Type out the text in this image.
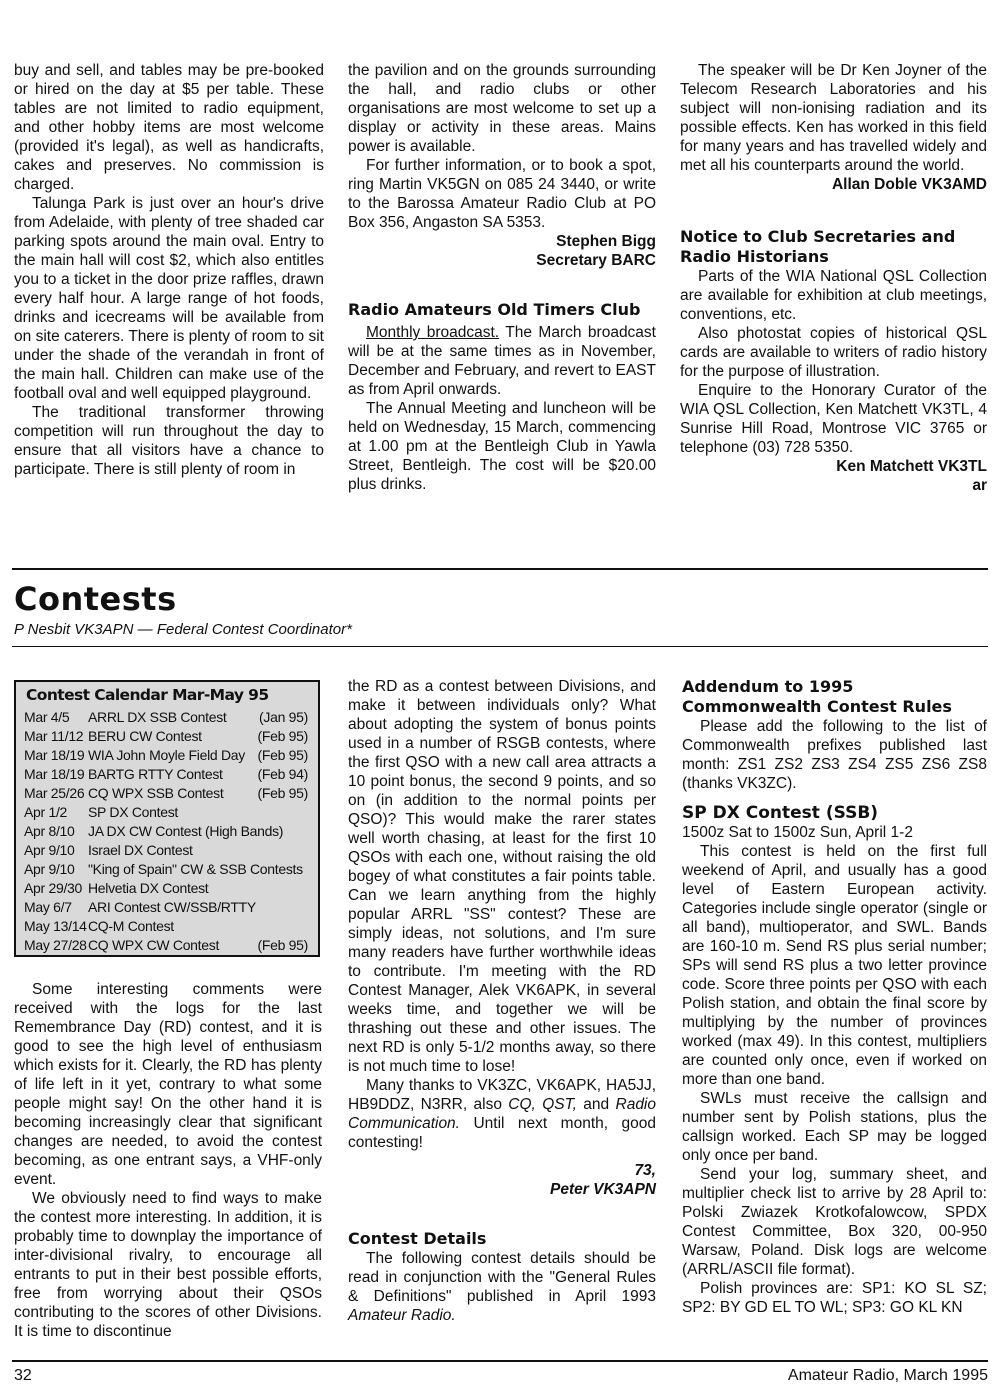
buy and sell, and tables may be pre-booked or hired on the day at $5 per table. These tables are not limited to radio equipment, and other hobby items are most welcome (provided it's legal), as well as handicrafts, cakes and preserves. No commission is charged.

Talunga Park is just over an hour's drive from Adelaide, with plenty of tree shaded car parking spots around the main oval. Entry to the main hall will cost $2, which also entitles you to a ticket in the door prize raffles, drawn every half hour. A large range of hot foods, drinks and icecreams will be available from on site caterers. There is plenty of room to sit under the shade of the verandah in front of the main hall. Children can make use of the football oval and well equipped playground.

The traditional transformer throwing competition will run throughout the day to ensure that all visitors have a chance to participate. There is still plenty of room in

the pavilion and on the grounds surrounding the hall, and radio clubs or other organisations are most welcome to set up a display or activity in these areas. Mains power is available.

For further information, or to book a spot, ring Martin VK5GN on 085 24 3440, or write to the Barossa Amateur Radio Club at PO Box 356, Angaston SA 5353.

Stephen Bigg
Secretary BARC
Radio Amateurs Old Timers Club

Monthly broadcast. The March broadcast will be at the same times as in November, December and February, and revert to EAST as from April onwards.

The Annual Meeting and luncheon will be held on Wednesday, 15 March, commencing at 1.00 pm at the Bentleigh Club in Yawla Street, Bentleigh. The cost will be $20.00 plus drinks.

The speaker will be Dr Ken Joyner of the Telecom Research Laboratories and his subject will non-ionising radiation and its possible effects. Ken has worked in this field for many years and has travelled widely and met all his counterparts around the world.

Allan Doble VK3AMD
Notice to Club Secretaries and Radio Historians

Parts of the WIA National QSL Collection are available for exhibition at club meetings, conventions, etc.

Also photostat copies of historical QSL cards are available to writers of radio history for the purpose of illustration.

Enquire to the Honorary Curator of the WIA QSL Collection, Ken Matchett VK3TL, 4 Sunrise Hill Road, Montrose VIC 3765 or telephone (03) 728 5350.

Ken Matchett VK3TL
ar
Contests
P Nesbit VK3APN — Federal Contest Coordinator*
Contest Calendar Mar-May 95
Mar 4/5 ARRL DX SSB Contest (Jan 95)
Mar 11/12 BERU CW Contest	(Feb 95)
Mar 18/19 WIA John Moyle Field Day (Feb 95)
Mar 18/19 BARTG RTTY Contest (Feb 94)
Mar 25/26 CQ WPX SSB Contest (Feb 95)
Apr 1/2 SP DX Contest
Apr 8/10 JA DX CW Contest (High Bands)
Apr 9/10 Israel DX Contest
Apr 9/10 "King of Spain" CW & SSB Contests
Apr 29/30 Helvetia DX Contest
May 6/7 ARI Contest CW/SSB/RTTY
May 13/14 CQ-M Contest
May 27/28 CQ WPX CW Contest	(Feb 95)

Some interesting comments were received with the logs for the last Remembrance Day (RD) contest, and it is good to see the high level of enthusiasm which exists for it. Clearly, the RD has plenty of life left in it yet, contrary to what some people might say! On the other hand it is becoming increasingly clear that significant changes are needed, to avoid the contest becoming, as one entrant says, a VHF-only event.

We obviously need to find ways to make the contest more interesting. In addition, it is probably time to downplay the importance of inter-divisional rivalry, to encourage all entrants to put in their best possible efforts, free from worrying about their QSOs contributing to the scores of other Divisions. It is time to discontinue

the RD as a contest between Divisions, and make it between individuals only? What about adopting the system of bonus points used in a number of RSGB contests, where the first QSO with a new call area attracts a 10 point bonus, the second 9 points, and so on (in addition to the normal points per QSO)? This would make the rarer states well worth chasing, at least for the first 10 QSOs with each one, without raising the old bogey of what constitutes a fair points table. Can we learn anything from the highly popular ARRL "SS" contest? These are simply ideas, not solutions, and I'm sure many readers have further worthwhile ideas to contribute. I'm meeting with the RD Contest Manager, Alek VK6APK, in several weeks time, and together we will be thrashing out these and other issues. The next RD is only 5-1/2 months away, so there is not much time to lose!

Many thanks to VK3ZC, VK6APK, HA5JJ, HB9DDZ, N3RR, also CQ, QST, and Radio Communication. Until next month, good contesting!

73,
Peter VK3APN
Contest Details

The following contest details should be read in conjunction with the "General Rules & Definitions" published in April 1993 Amateur Radio.

Addendum to 1995 Commonwealth Contest Rules

Please add the following to the list of Commonwealth prefixes published last month: ZS1 ZS2 ZS3 ZS4 ZS5 ZS6 ZS8 (thanks VK3ZC).

SP DX Contest (SSB)

1500z Sat to 1500z Sun, April 1-2

This contest is held on the first full weekend of April, and usually has a good level of Eastern European activity. Categories include single operator (single or all band), multioperator, and SWL. Bands are 160-10 m. Send RS plus serial number; SPs will send RS plus a two letter province code. Score three points per QSO with each Polish station, and obtain the final score by multiplying by the number of provinces worked (max 49). In this contest, multipliers are counted only once, even if worked on more than one band.

SWLs must receive the callsign and number sent by Polish stations, plus the callsign worked. Each SP may be logged only once per band.

Send your log, summary sheet, and multiplier check list to arrive by 28 April to: Polski Zwiazek Krotkofalowcow, SPDX Contest Committee, Box 320, 00-950 Warsaw, Poland. Disk logs are welcome (ARRL/ASCII file format).

Polish provinces are: SP1: KO SL SZ; SP2: BY GD EL TO WL; SP3: GO KL KN

32	Amateur Radio, March 1995
